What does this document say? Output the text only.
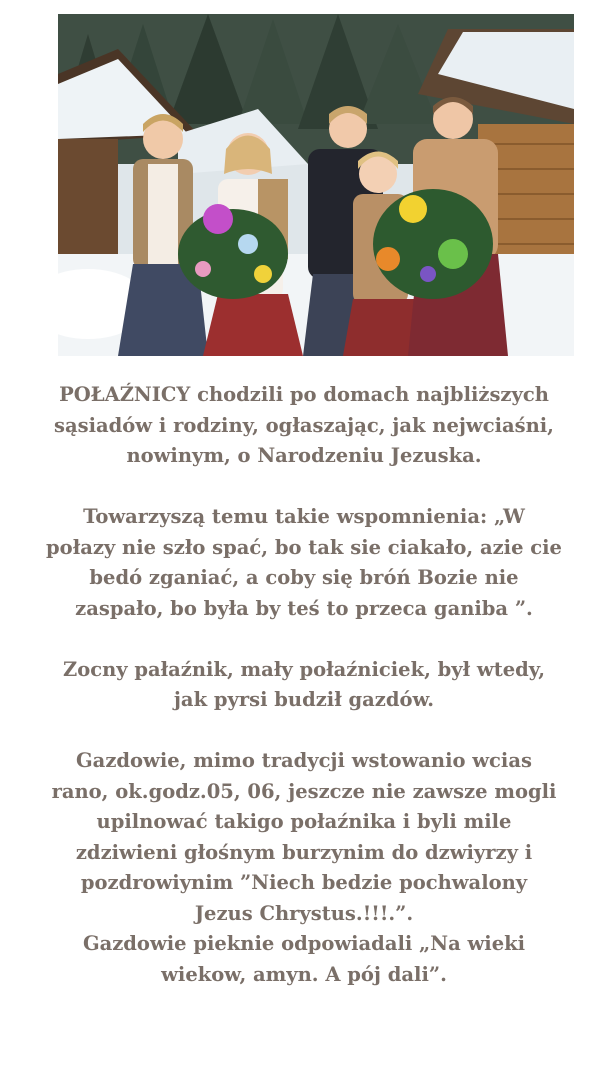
POŁAŹNICY chodzili po domach najbliższych
sąsiadów i rodziny, ogłaszając, jak nejwciaśni,
nowinym, o Narodzeniu Jezuska.

Towarzyszą temu takie wspomnienia: „W
połazy nie szło spać, bo tak sie ciakało, azie cie
bedó zganiać, a coby się bróń Bozie nie
zaspało, bo była by teś to przeca ganiba ”.

Zocny pałaźnik, mały połaźniciek, był wtedy,
jak pyrsi budził gazdów.

Gazdowie, mimo tradycji wstowanio wcias
rano, ok.godz.05, 06, jeszcze nie zawsze mogli
upilnować takigo połaźnika i byli mile
zdziwieni głośnym burzynim do dzwiyrzy i
pozdrowiynim ”Niech bedzie pochwalony
Jezus Chrystus.!!!.”.
Gazdowie pieknie odpowiadali „Na wieki
wiekow, amyn. A pój dali”.
